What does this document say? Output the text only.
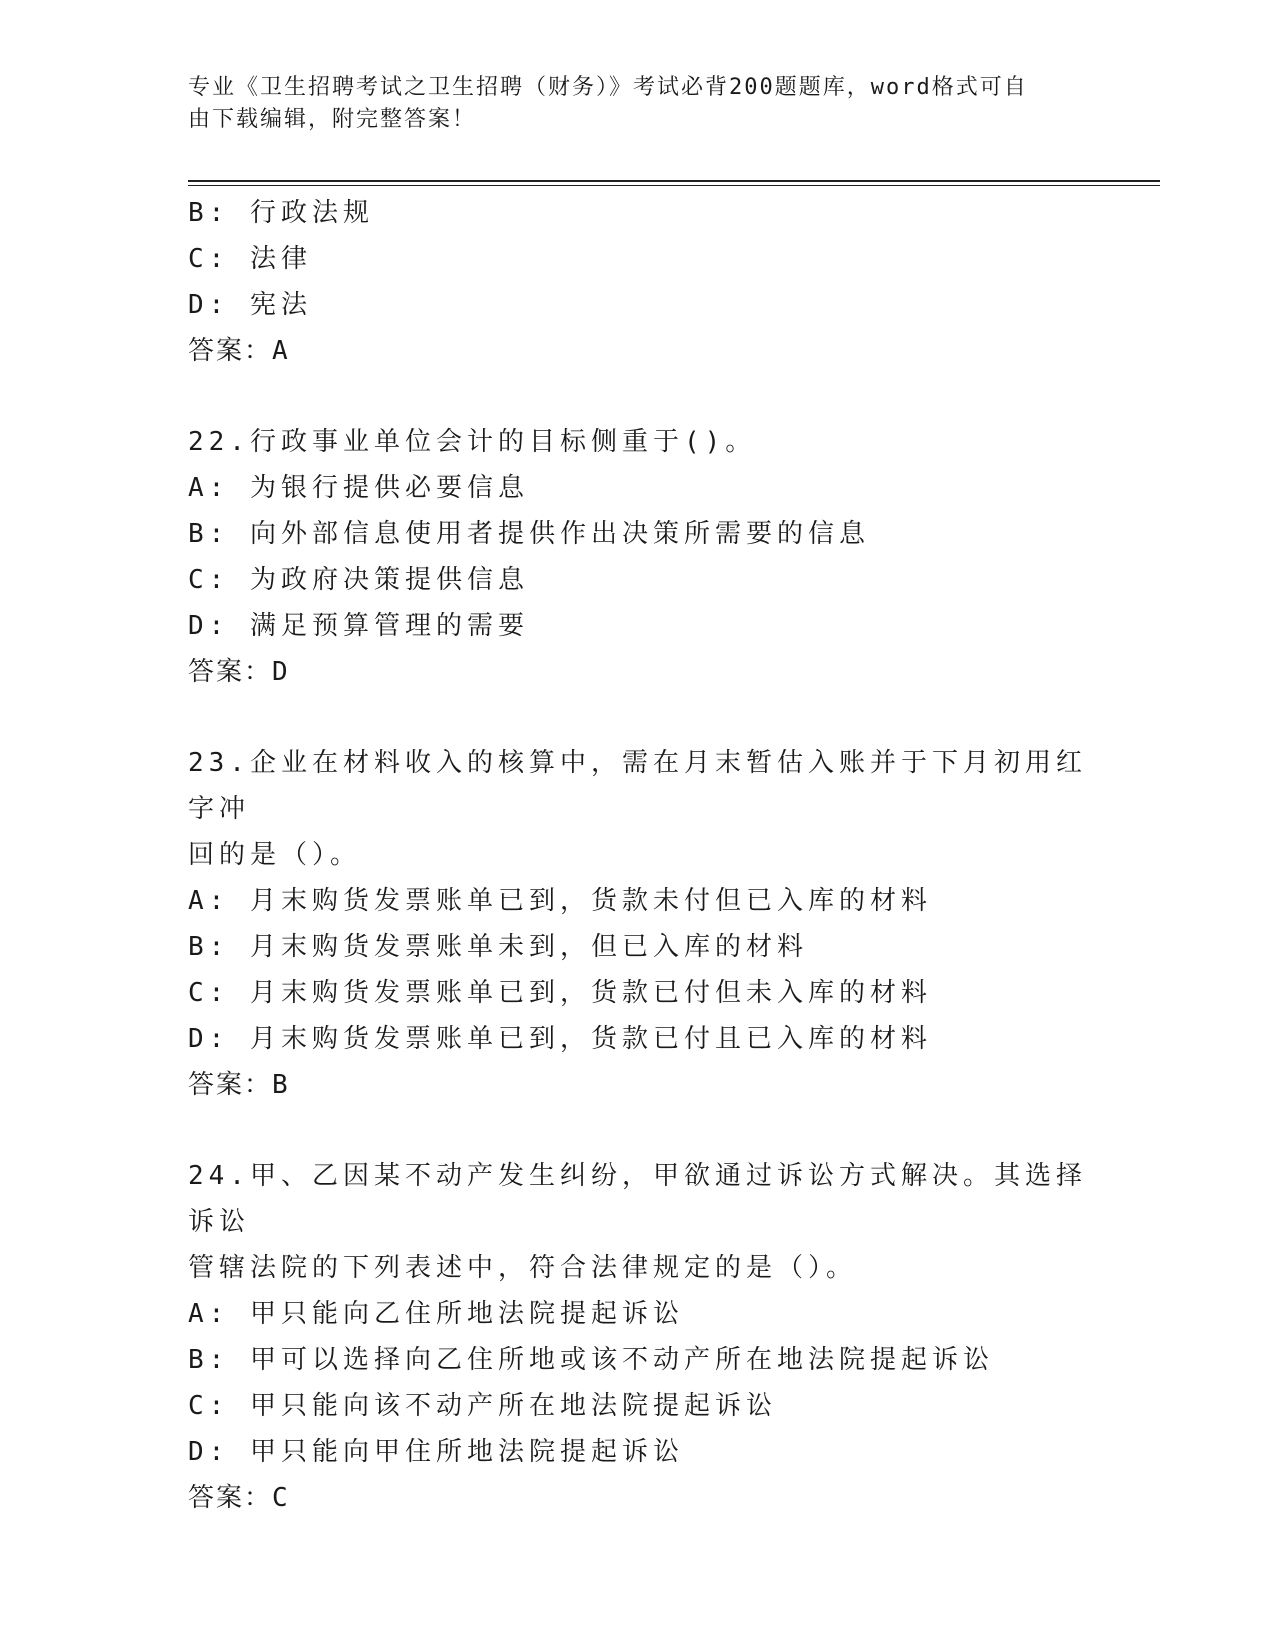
专业《卫生招聘考试之卫生招聘（财务）》考试必背200题题库，word格式可自
由下载编辑，附完整答案！
B: 行政法规
C: 法律
D: 宪法
答案：A
22.行政事业单位会计的目标侧重于()。
A: 为银行提供必要信息
B: 向外部信息使用者提供作出决策所需要的信息
C: 为政府决策提供信息
D: 满足预算管理的需要
答案：D
23.企业在材料收入的核算中，需在月末暂估入账并于下月初用红字冲
回的是（）。
A: 月末购货发票账单已到，货款未付但已入库的材料
B: 月末购货发票账单未到，但已入库的材料
C: 月末购货发票账单已到，货款已付但未入库的材料
D: 月末购货发票账单已到，货款已付且已入库的材料
答案：B
24.甲、乙因某不动产发生纠纷，甲欲通过诉讼方式解决。其选择诉讼
管辖法院的下列表述中，符合法律规定的是（）。
A: 甲只能向乙住所地法院提起诉讼
B: 甲可以选择向乙住所地或该不动产所在地法院提起诉讼
C: 甲只能向该不动产所在地法院提起诉讼
D: 甲只能向甲住所地法院提起诉讼
答案：C
